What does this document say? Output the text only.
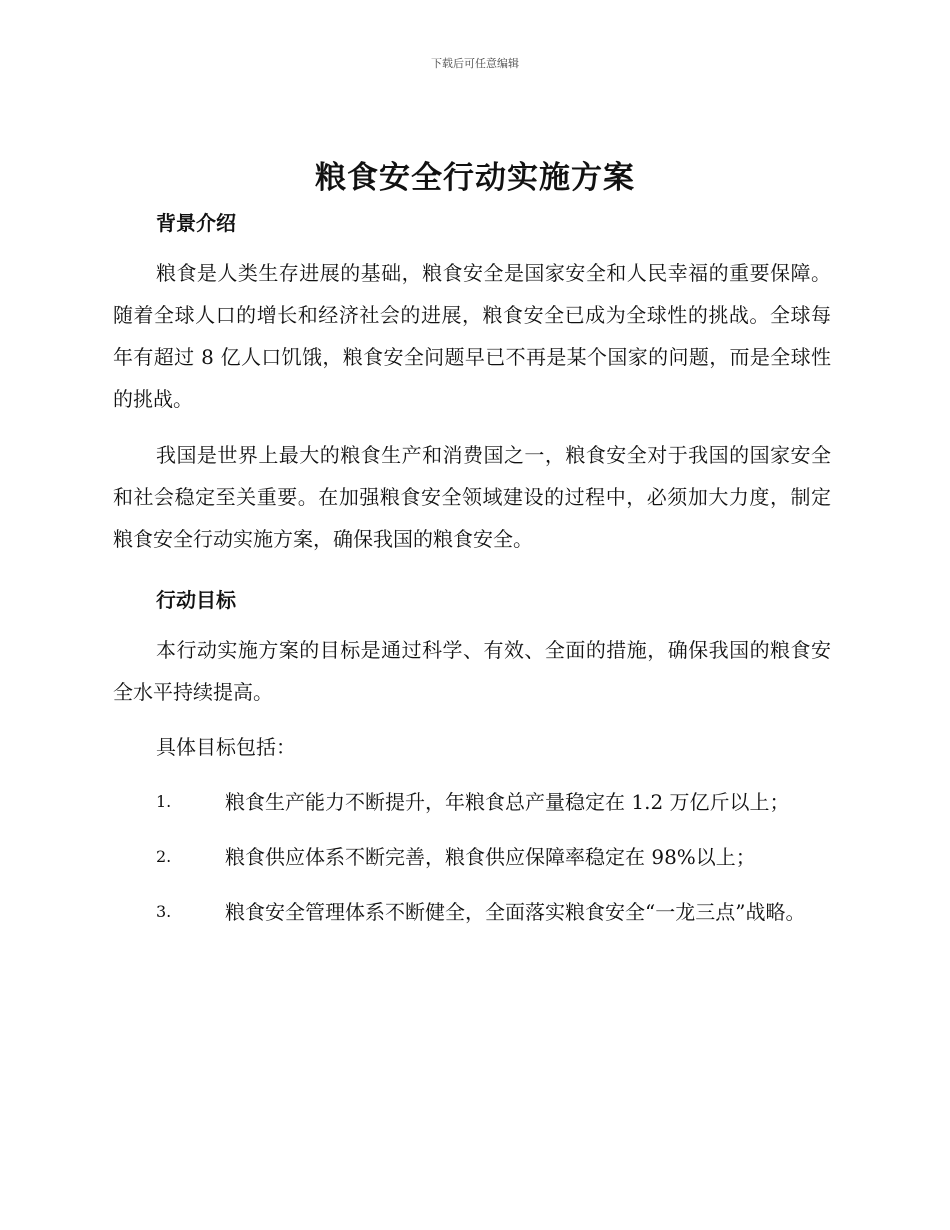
下载后可任意编辑
粮食安全行动实施方案
背景介绍

粮食是人类生存进展的基础，粮食安全是国家安全和人民幸福的重要保障。随着全球人口的增长和经济社会的进展，粮食安全已成为全球性的挑战。全球每年有超过 8 亿人口饥饿，粮食安全问题早已不再是某个国家的问题，而是全球性的挑战。

我国是世界上最大的粮食生产和消费国之一，粮食安全对于我国的国家安全和社会稳定至关重要。在加强粮食安全领域建设的过程中，必须加大力度，制定粮食安全行动实施方案，确保我国的粮食安全。

行动目标

本行动实施方案的目标是通过科学、有效、全面的措施，确保我国的粮食安全水平持续提高。

具体目标包括：

1.	粮食生产能力不断提升，年粮食总产量稳定在 1.2 万亿斤以上；
2.	粮食供应体系不断完善，粮食供应保障率稳定在 98%以上；
3.	粮食安全管理体系不断健全，全面落实粮食安全“一龙三点”战略。
